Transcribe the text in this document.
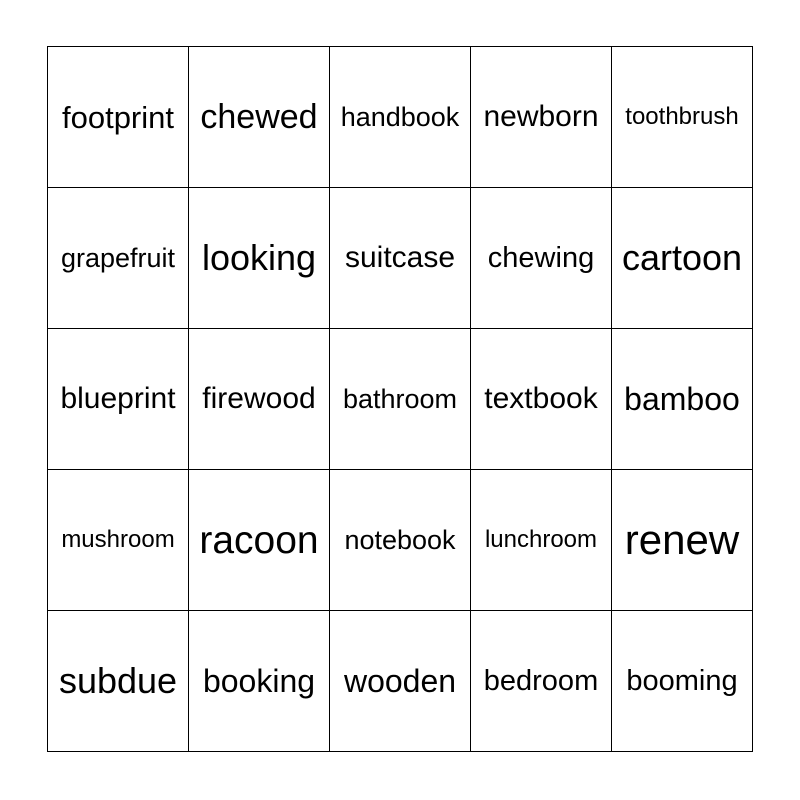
footprint chewed handbook newborn toothbrush
grapefruit looking suitcase chewing cartoon
blueprint firewood bathroom textbook bamboo
mushroom racoon notebook lunchroom renew
subdue booking wooden bedroom booming
